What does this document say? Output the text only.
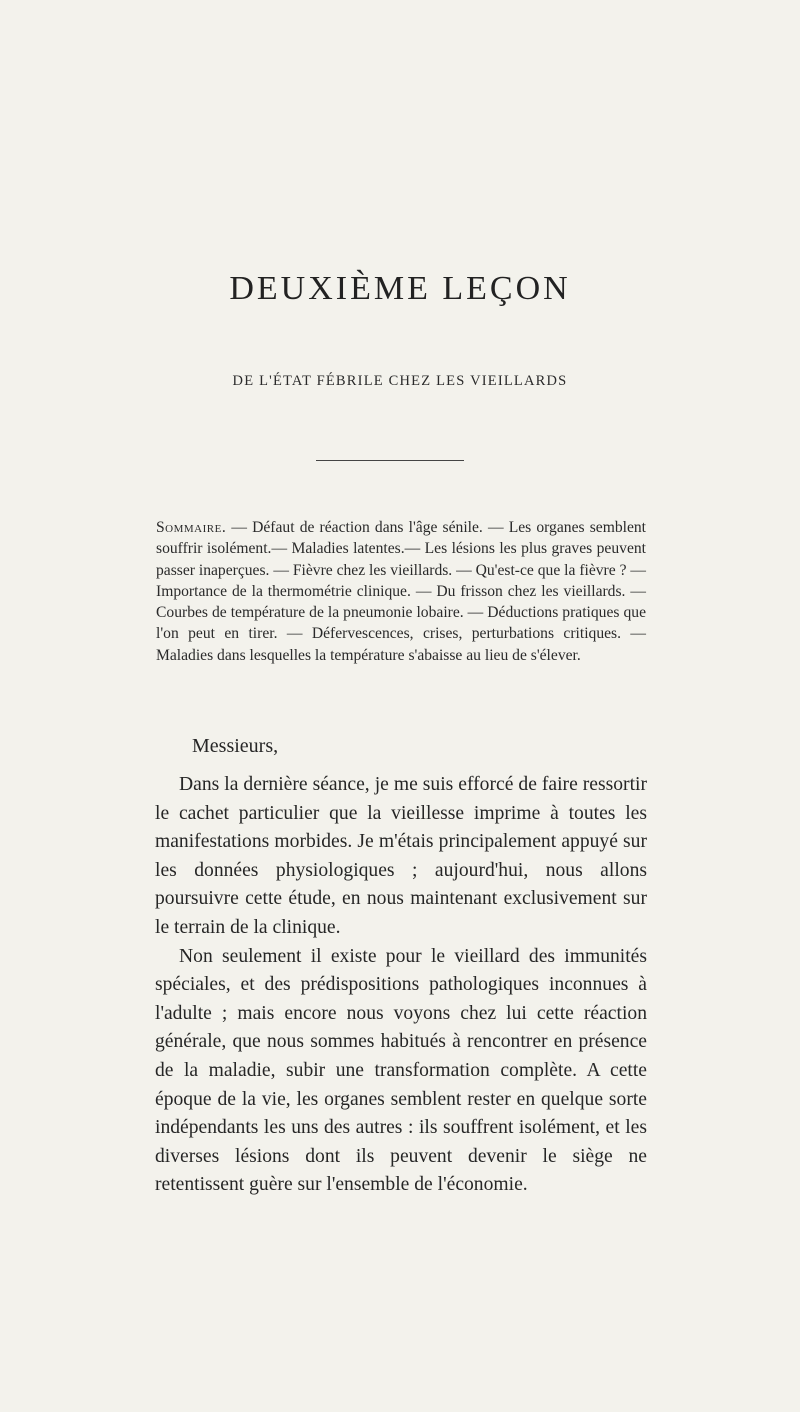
DEUXIÈME LEÇON

DE L'ÉTAT FÉBRILE CHEZ LES VIEILLARDS

Sommaire. — Défaut de réaction dans l'âge sénile. — Les organes semblent souffrir isolément.— Maladies latentes.— Les lésions les plus graves peuvent passer inaperçues. — Fièvre chez les vieillards. — Qu'est-ce que la fièvre ? — Importance de la thermométrie clinique. — Du frisson chez les vieillards. — Courbes de température de la pneumonie lobaire. — Déductions pratiques que l'on peut en tirer. — Défervescences, crises, perturbations critiques. — Maladies dans lesquelles la température s'abaisse au lieu de s'élever.

Messieurs,

Dans la dernière séance, je me suis efforcé de faire ressortir le cachet particulier que la vieillesse imprime à toutes les manifestations morbides. Je m'étais principalement appuyé sur les données physiologiques ; aujourd'hui, nous allons poursuivre cette étude, en nous maintenant exclusivement sur le terrain de la clinique.

Non seulement il existe pour le vieillard des immunités spéciales, et des prédispositions pathologiques inconnues à l'adulte ; mais encore nous voyons chez lui cette réaction générale, que nous sommes habitués à rencontrer en présence de la maladie, subir une transformation complète. A cette époque de la vie, les organes semblent rester en quelque sorte indépendants les uns des autres : ils souffrent isolément, et les diverses lésions dont ils peuvent devenir le siège ne retentissent guère sur l'ensemble de l'économie.
